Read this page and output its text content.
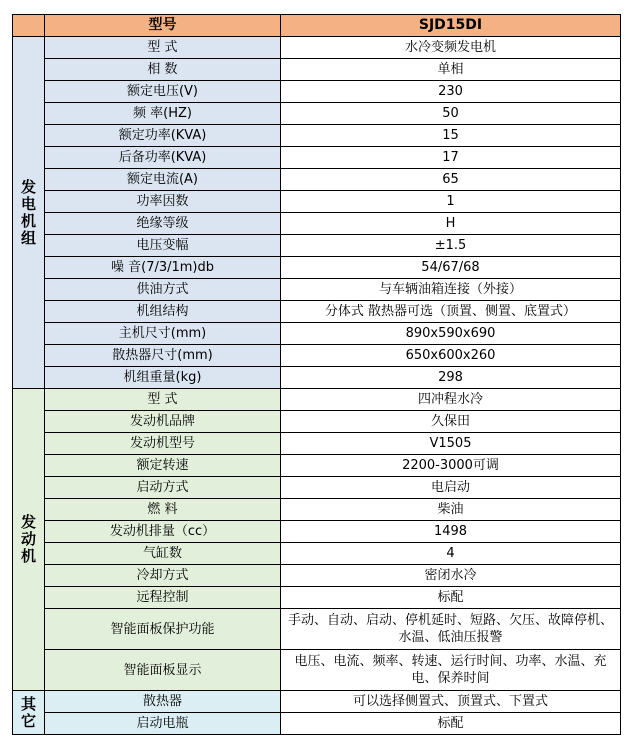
	型号	SJD15DI
发电机组	型 式	水冷变频发电机
	相 数	单相
	额定电压(V)	230
	频 率(HZ)	50
	额定功率(KVA)	15
	后备功率(KVA)	17
	额定电流(A)	65
	功率因数	1
	绝缘等级	H
	电压变幅	±1.5
	噪 音(7/3/1m)db	54/67/68
	供油方式	与车辆油箱连接（外接）
	机组结构	分体式 散热器可选（顶置、侧置、底置式）
	主机尺寸(mm)	890x590x690
	散热器尺寸(mm)	650x600x260
	机组重量(kg)	298
发动机	型 式	四冲程水冷
	发动机品牌	久保田
	发动机型号	V1505
	额定转速	2200-3000可调
	启动方式	电启动
	燃 料	柴油
	发动机排量（cc）	1498
	气缸数	4
	冷却方式	密闭水冷
	远程控制	标配
	智能面板保护功能	手动、自动、启动、停机延时、短路、欠压、故障停机、水温、低油压报警
	智能面板显示	电压、电流、频率、转速、运行时间、功率、水温、充电、保养时间
其它	散热器	可以选择侧置式、顶置式、下置式
	启动电瓶	标配
